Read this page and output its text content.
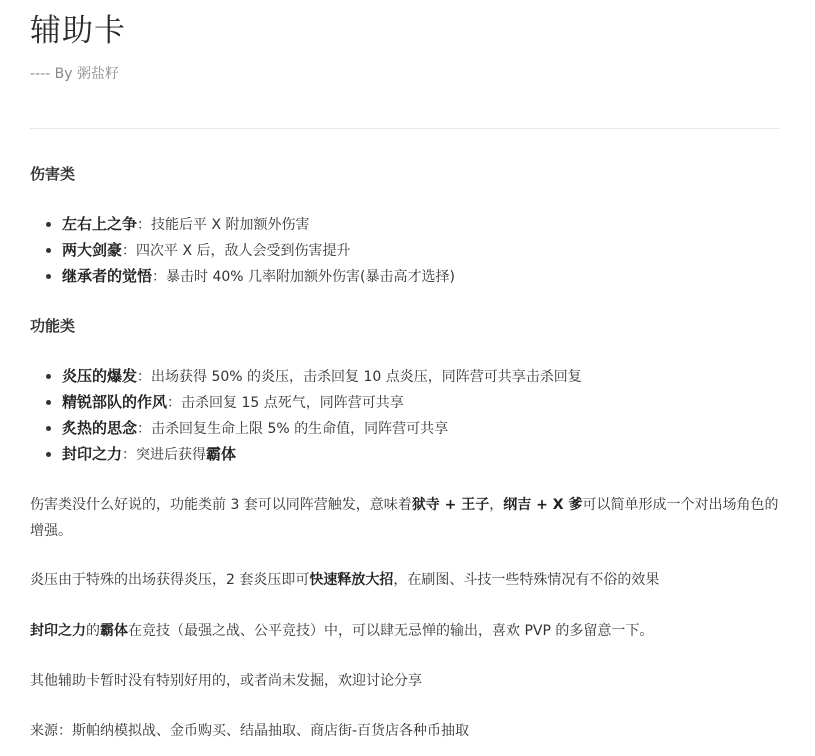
辅助卡
---- By 粥盐籽
伤害类
左右上之争：技能后平 X 附加额外伤害
两大剑豪：四次平 X 后，敌人会受到伤害提升
继承者的觉悟：暴击时 40% 几率附加额外伤害(暴击高才选择)
功能类
炎压的爆发：出场获得 50% 的炎压，击杀回复 10 点炎压，同阵营可共享击杀回复
精锐部队的作风：击杀回复 15 点死气，同阵营可共享
炙热的思念：击杀回复生命上限 5% 的生命值，同阵营可共享
封印之力：突进后获得霸体

伤害类没什么好说的，功能类前 3 套可以同阵营触发，意味着狱寺 + 王子，纲吉 + X 爹可以简单形成一个对出场角色的增强。

炎压由于特殊的出场获得炎压，2 套炎压即可快速释放大招，在刷图、斗技一些特殊情况有不俗的效果

封印之力的霸体在竞技（最强之战、公平竞技）中，可以肆无忌惮的输出，喜欢 PVP 的多留意一下。

其他辅助卡暂时没有特别好用的，或者尚未发掘，欢迎讨论分享

来源：斯帕纳模拟战、金币购买、结晶抽取、商店街-百货店各种币抽取
